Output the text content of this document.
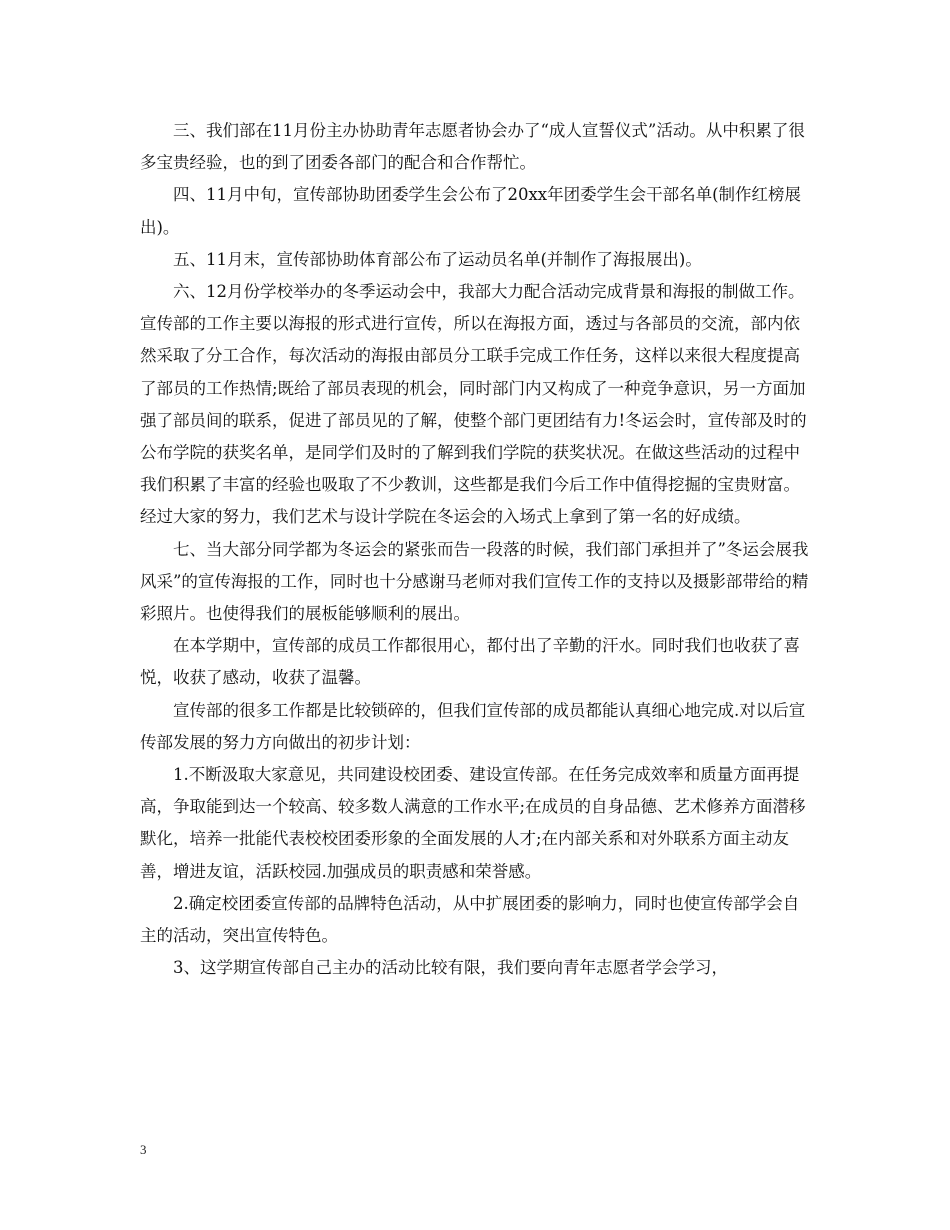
三、我们部在11月份主办协助青年志愿者协会办了“成人宣誓仪式”活动。从中积累了很多宝贵经验，也的到了团委各部门的配合和合作帮忙。

四、11月中旬，宣传部协助团委学生会公布了20xx年团委学生会干部名单(制作红榜展出)。

五、11月末，宣传部协助体育部公布了运动员名单(并制作了海报展出)。

六、12月份学校举办的冬季运动会中，我部大力配合活动完成背景和海报的制做工作。宣传部的工作主要以海报的形式进行宣传，所以在海报方面，透过与各部员的交流，部内依然采取了分工合作，每次活动的海报由部员分工联手完成工作任务，这样以来很大程度提高了部员的工作热情;既给了部员表现的机会，同时部门内又构成了一种竞争意识，另一方面加强了部员间的联系，促进了部员见的了解，使整个部门更团结有力!冬运会时，宣传部及时的公布学院的获奖名单，是同学们及时的了解到我们学院的获奖状况。在做这些活动的过程中我们积累了丰富的经验也吸取了不少教训，这些都是我们今后工作中值得挖掘的宝贵财富。经过大家的努力，我们艺术与设计学院在冬运会的入场式上拿到了第一名的好成绩。

七、当大部分同学都为冬运会的紧张而告一段落的时候，我们部门承担并了”冬运会展我风采”的宣传海报的工作，同时也十分感谢马老师对我们宣传工作的支持以及摄影部带给的精彩照片。也使得我们的展板能够顺利的展出。

在本学期中，宣传部的成员工作都很用心，都付出了辛勤的汗水。同时我们也收获了喜悦，收获了感动，收获了温馨。

宣传部的很多工作都是比较锁碎的，但我们宣传部的成员都能认真细心地完成.对以后宣传部发展的努力方向做出的初步计划：

1.不断汲取大家意见，共同建设校团委、建设宣传部。在任务完成效率和质量方面再提高，争取能到达一个较高、较多数人满意的工作水平;在成员的自身品德、艺术修养方面潜移默化，培养一批能代表校校团委形象的全面发展的人才;在内部关系和对外联系方面主动友善，增进友谊，活跃校园.加强成员的职责感和荣誉感。

2.确定校团委宣传部的品牌特色活动，从中扩展团委的影响力，同时也使宣传部学会自主的活动，突出宣传特色。

3、这学期宣传部自己主办的活动比较有限，我们要向青年志愿者学会学习，

3
